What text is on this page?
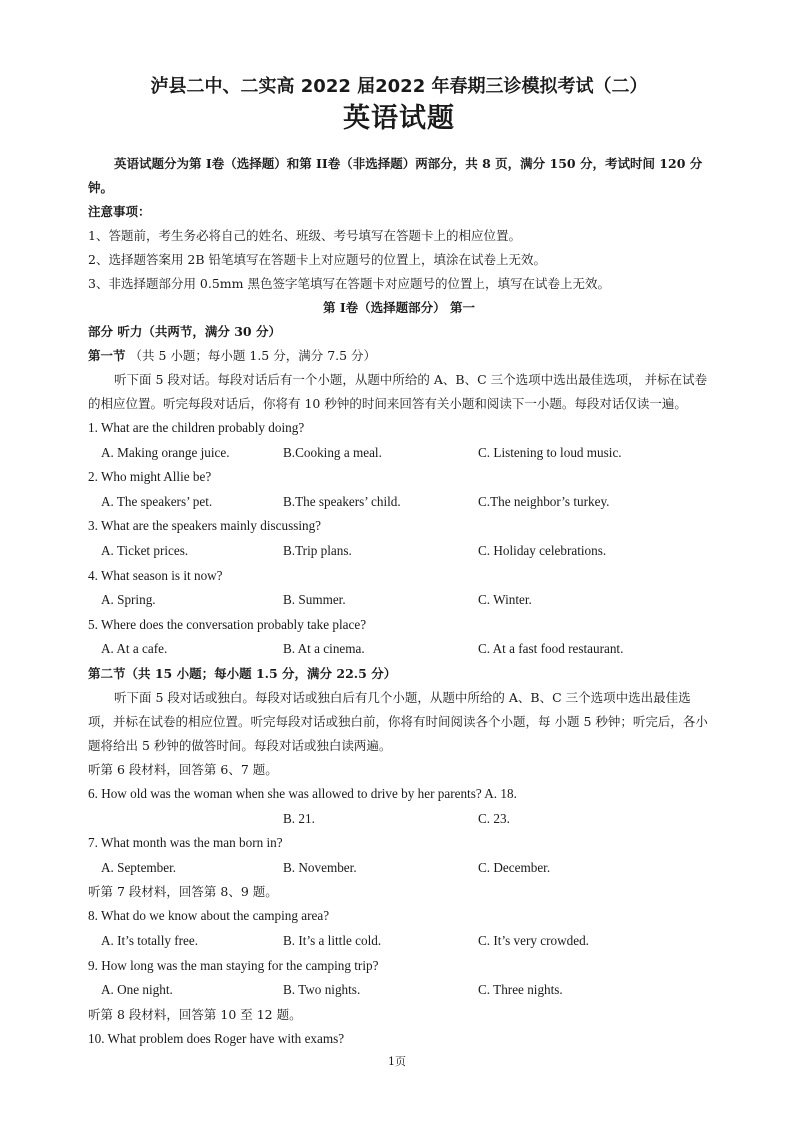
泸县二中、二实高 2022 届2022 年春期三诊模拟考试（二）

英语试题

英语试题分为第 I卷（选择题）和第 II卷（非选择题）两部分，共 8 页，满分 150 分，考试时间 120 分钟。

注意事项：

1、答题前，考生务必将自己的姓名、班级、考号填写在答题卡上的相应位置。

2、选择题答案用 2B 铅笔填写在答题卡上对应题号的位置上，填涂在试卷上无效。

3、非选择题部分用 0.5mm 黑色签字笔填写在答题卡对应题号的位置上，填写在试卷上无效。

第 I卷（选择题部分） 第一

部分 听力（共两节，满分 30 分）

第一节 （共 5 小题；每小题 1.5 分，满分 7.5 分）

听下面 5 段对话。每段对话后有一个小题，从题中所给的 A、B、C 三个选项中选出最佳选项， 并标在试卷的相应位置。听完每段对话后，你将有 10 秒钟的时间来回答有关小题和阅读下一小题。每段对话仅读一遍。

1. What are the children probably doing?

A. Making orange juice.	B.Cooking a meal.	C. Listening to loud music.

2. Who might Allie be?

A. The speakers’ pet.	B.The speakers’ child.	C.The neighbor’s turkey.

3. What are the speakers mainly discussing?

A. Ticket prices.	B.Trip plans.	C. Holiday celebrations.

4. What season is it now?

A. Spring.	B. Summer.	C. Winter.

5. Where does the conversation probably take place?

A. At a cafe.	B. At a cinema.	C. At a fast food restaurant.

第二节（共 15 小题；每小题 1.5 分，满分 22.5 分）

听下面 5 段对话或独白。每段对话或独白后有几个小题，从题中所给的 A、B、C 三个选项中选出最佳选项，并标在试卷的相应位置。听完每段对话或独白前，你将有时间阅读各个小题，每 小题 5 秒钟；听完后，各小题将给出 5 秒钟的做答时间。每段对话或独白读两遍。

听第 6 段材料，回答第 6、7 题。

6. How old was the woman when she was allowed to drive by her parents? A. 18.

B. 21.	C. 23.

7. What month was the man born in?

A. September.	B. November.	C. December.

听第 7 段材料，回答第 8、9 题。

8. What do we know about the camping area?

A. It’s totally free.	B. It’s a little cold.	C. It’s very crowded.

9. How long was the man staying for the camping trip?

A. One night.	B. Two nights.	C. Three nights.

听第 8 段材料，回答第 10 至 12 题。

10. What problem does Roger have with exams?

1页
